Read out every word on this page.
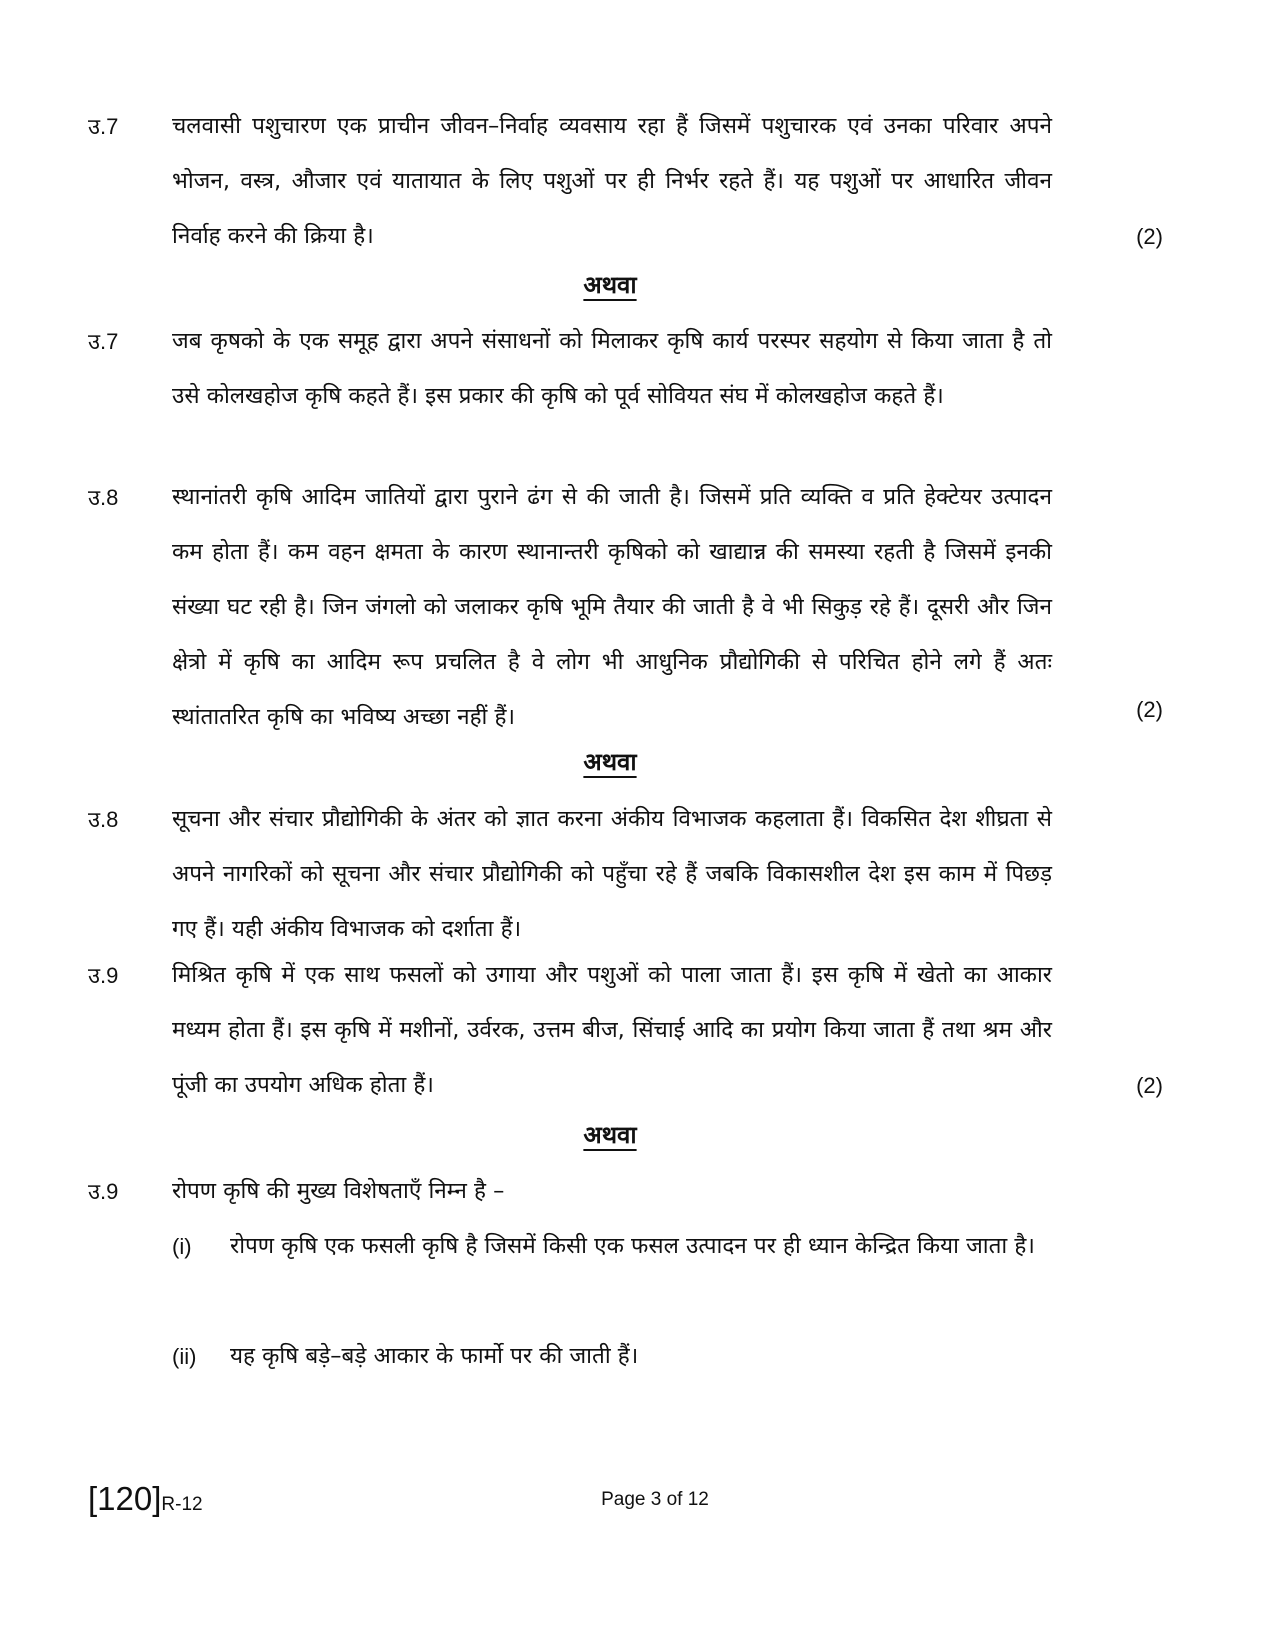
उ.7 चलवासी पशुचारण एक प्राचीन जीवन–निर्वाह व्यवसाय रहा हैं जिसमें पशुचारक एवं उनका परिवार अपने भोजन, वस्त्र, औजार एवं यातायात के लिए पशुओं पर ही निर्भर रहते हैं। यह पशुओं पर आधारित जीवन निर्वाह करने की क्रिया है।	(2)
अथवा
उ.7 जब कृषको के एक समूह द्वारा अपने संसाधनों को मिलाकर कृषि कार्य परस्पर सहयोग से किया जाता है तो उसे कोलखहोज कृषि कहते हैं। इस प्रकार की कृषि को पूर्व सोवियत संघ में कोलखहोज कहते हैं।
उ.8 स्थानांतरी कृषि आदिम जातियों द्वारा पुराने ढंग से की जाती है। जिसमें प्रति व्यक्ति व प्रति हेक्टेयर उत्पादन कम होता हैं। कम वहन क्षमता के कारण स्थानान्तरी कृषिको को खाद्यान्न की समस्या रहती है जिसमें इनकी संख्या घट रही है। जिन जंगलो को जलाकर कृषि भूमि तैयार की जाती है वे भी सिकुड़ रहे हैं। दूसरी और जिन क्षेत्रो में कृषि का आदिम रूप प्रचलित है वे लोग भी आधुनिक प्रौद्योगिकी से परिचित होने लगे हैं अतः स्थांतातरित कृषि का भविष्य अच्छा नहीं हैं।	(2)
अथवा
उ.8 सूचना और संचार प्रौद्योगिकी के अंतर को ज्ञात करना अंकीय विभाजक कहलाता हैं। विकसित देश शीघ्रता से अपने नागरिकों को सूचना और संचार प्रौद्योगिकी को पहुँचा रहे हैं जबकि विकासशील देश इस काम में पिछड़ गए हैं। यही अंकीय विभाजक को दर्शाता हैं।
उ.9 मिश्रित कृषि में एक साथ फसलों को उगाया और पशुओं को पाला जाता हैं। इस कृषि में खेतो का आकार मध्यम होता हैं। इस कृषि में मशीनों, उर्वरक, उत्तम बीज, सिंचाई आदि का प्रयोग किया जाता हैं तथा श्रम और पूंजी का उपयोग अधिक होता हैं।	(2)
अथवा
उ.9 रोपण कृषि की मुख्य विशेषताएँ निम्न है –
(i) रोपण कृषि एक फसली कृषि है जिसमें किसी एक फसल उत्पादन पर ही ध्यान केन्द्रित किया जाता है।
(ii) यह कृषि बड़े–बड़े आकार के फार्मो पर की जाती हैं।
[120]R-12	Page 3 of 12
